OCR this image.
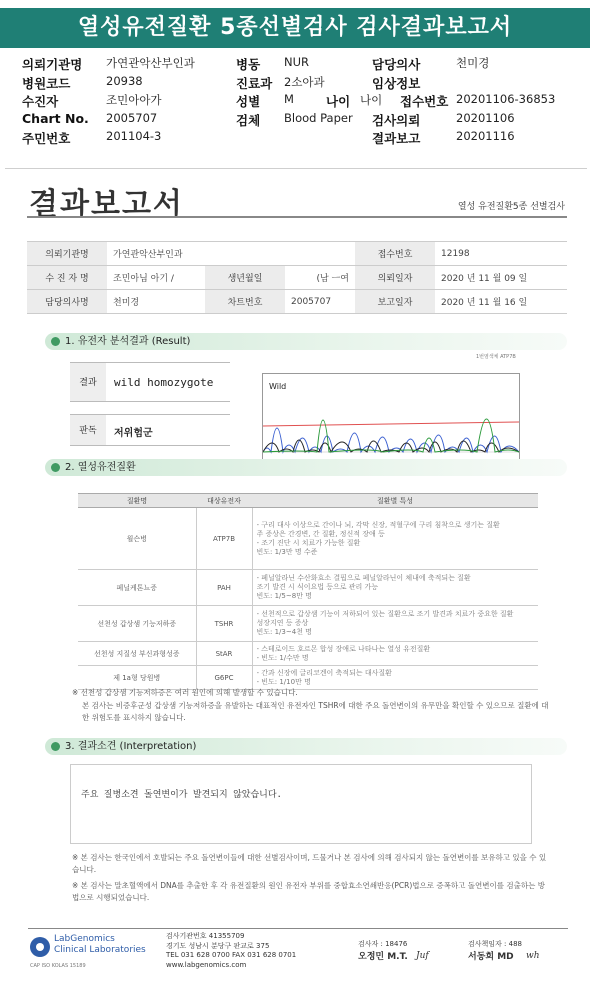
열성유전질환 5종선별검사 검사결과보고서
의뢰기관명 가연관악산부인과	병동 NUR	담당의사	천미경
병원코드	20938	진료과 2소아과	임상정보
수진자	조민아아가	성별 M	나이 나이 접수번호 20201106-36853
Chart No. 2005707	검체 Blood Paper 검사의뢰	20201106
주민번호	201104-3	결과보고	20201116
결과보고서	열성 유전질환5종 선별검사
의뢰기관명	가연관악산부인과			접수번호	12198
수 진 자 명	조민아님 아기 /	생년월일	(남 ㅡ여	의뢰일자	2020 년 11 월 09 일
담당의사명	천미경	차트번호	2005707	보고일자	2020 년 11 월 16 일
1. 유전자 분석결과 (Result)
1번염색체 ATP7B
결과	wild homozygote
판독	저위험군
Wild
2. 열성유전질환
질환명	대상유전자	질환별 특성
윌슨병	ATP7B	- 구리 대사 이상으로 간이나 뇌, 각막 신장, 적혈구에 구리 침착으로 생기는 질환
주 증상은 간경변, 간 질환, 정신적 장애 등
- 조기 진단 시 치료가 가능한 질환
빈도: 1/3만 명 수준

페닐케톤뇨증	PAH	- 페닐알라닌 수산화효소 결핍으로 페닐알라닌이 체내에 축적되는 질환
조기 발견 시 식이요법 등으로 관리 가능
빈도: 1/5~8만 명

선천성 갑상샘 기능저하증	TSHR	- 선천적으로 갑상샘 기능이 저하되어 있는 질환으로 조기 발견과 치료가 중요한 질환
성장지연 등 증상
빈도: 1/3~4천 명

선천성 지질성 부신과형성증	StAR	- 스테로이드 호르몬 합성 장애로 나타나는 열성 유전질환
- 빈도: 1/수만 명

제 1a형 당원병	G6PC	- 간과 신장에 글리코겐이 축적되는 대사질환
- 빈도: 1/10만 명
※ 선천성 갑상샘 기능저하증은 여러 원인에 의해 발생할 수 있습니다.
본 검사는 비증후군성 갑상샘 기능저하증을 유발하는 대표적인 유전자인 TSHR에 대한 주요 돌연변이의 유무만을 확인할 수 있으므로 질환에 대한 위험도를 표시하지 않습니다.
3. 결과소견 (Interpretation)
주요 질병소견 돌연변이가 발견되지 않았습니다.
※ 본 검사는 한국인에서 호발되는 주요 돌연변이들에 대한 선별검사이며, 드물거나 본 검사에 의해 검사되지 않는 돌연변이를 보유하고 있을 수 있습니다.
※ 본 검사는 말초혈액에서 DNA를 추출한 후 각 유전질환의 원인 유전자 부위를 중합효소연쇄반응(PCR)법으로 증폭하고 돌연변이를 검출하는 방법으로 시행되었습니다.
LabGenomics
Clinical Laboratories
CAP ISO KOLAS 15189
검사기관번호 41355709
경기도 성남시 분당구 판교로 375
TEL 031 628 0700 FAX 031 628 0701
www.labgenomics.com
검사자 : 18476
오정민 M.T. Juf
검사책임자 : 488
서동희 MD	wh
